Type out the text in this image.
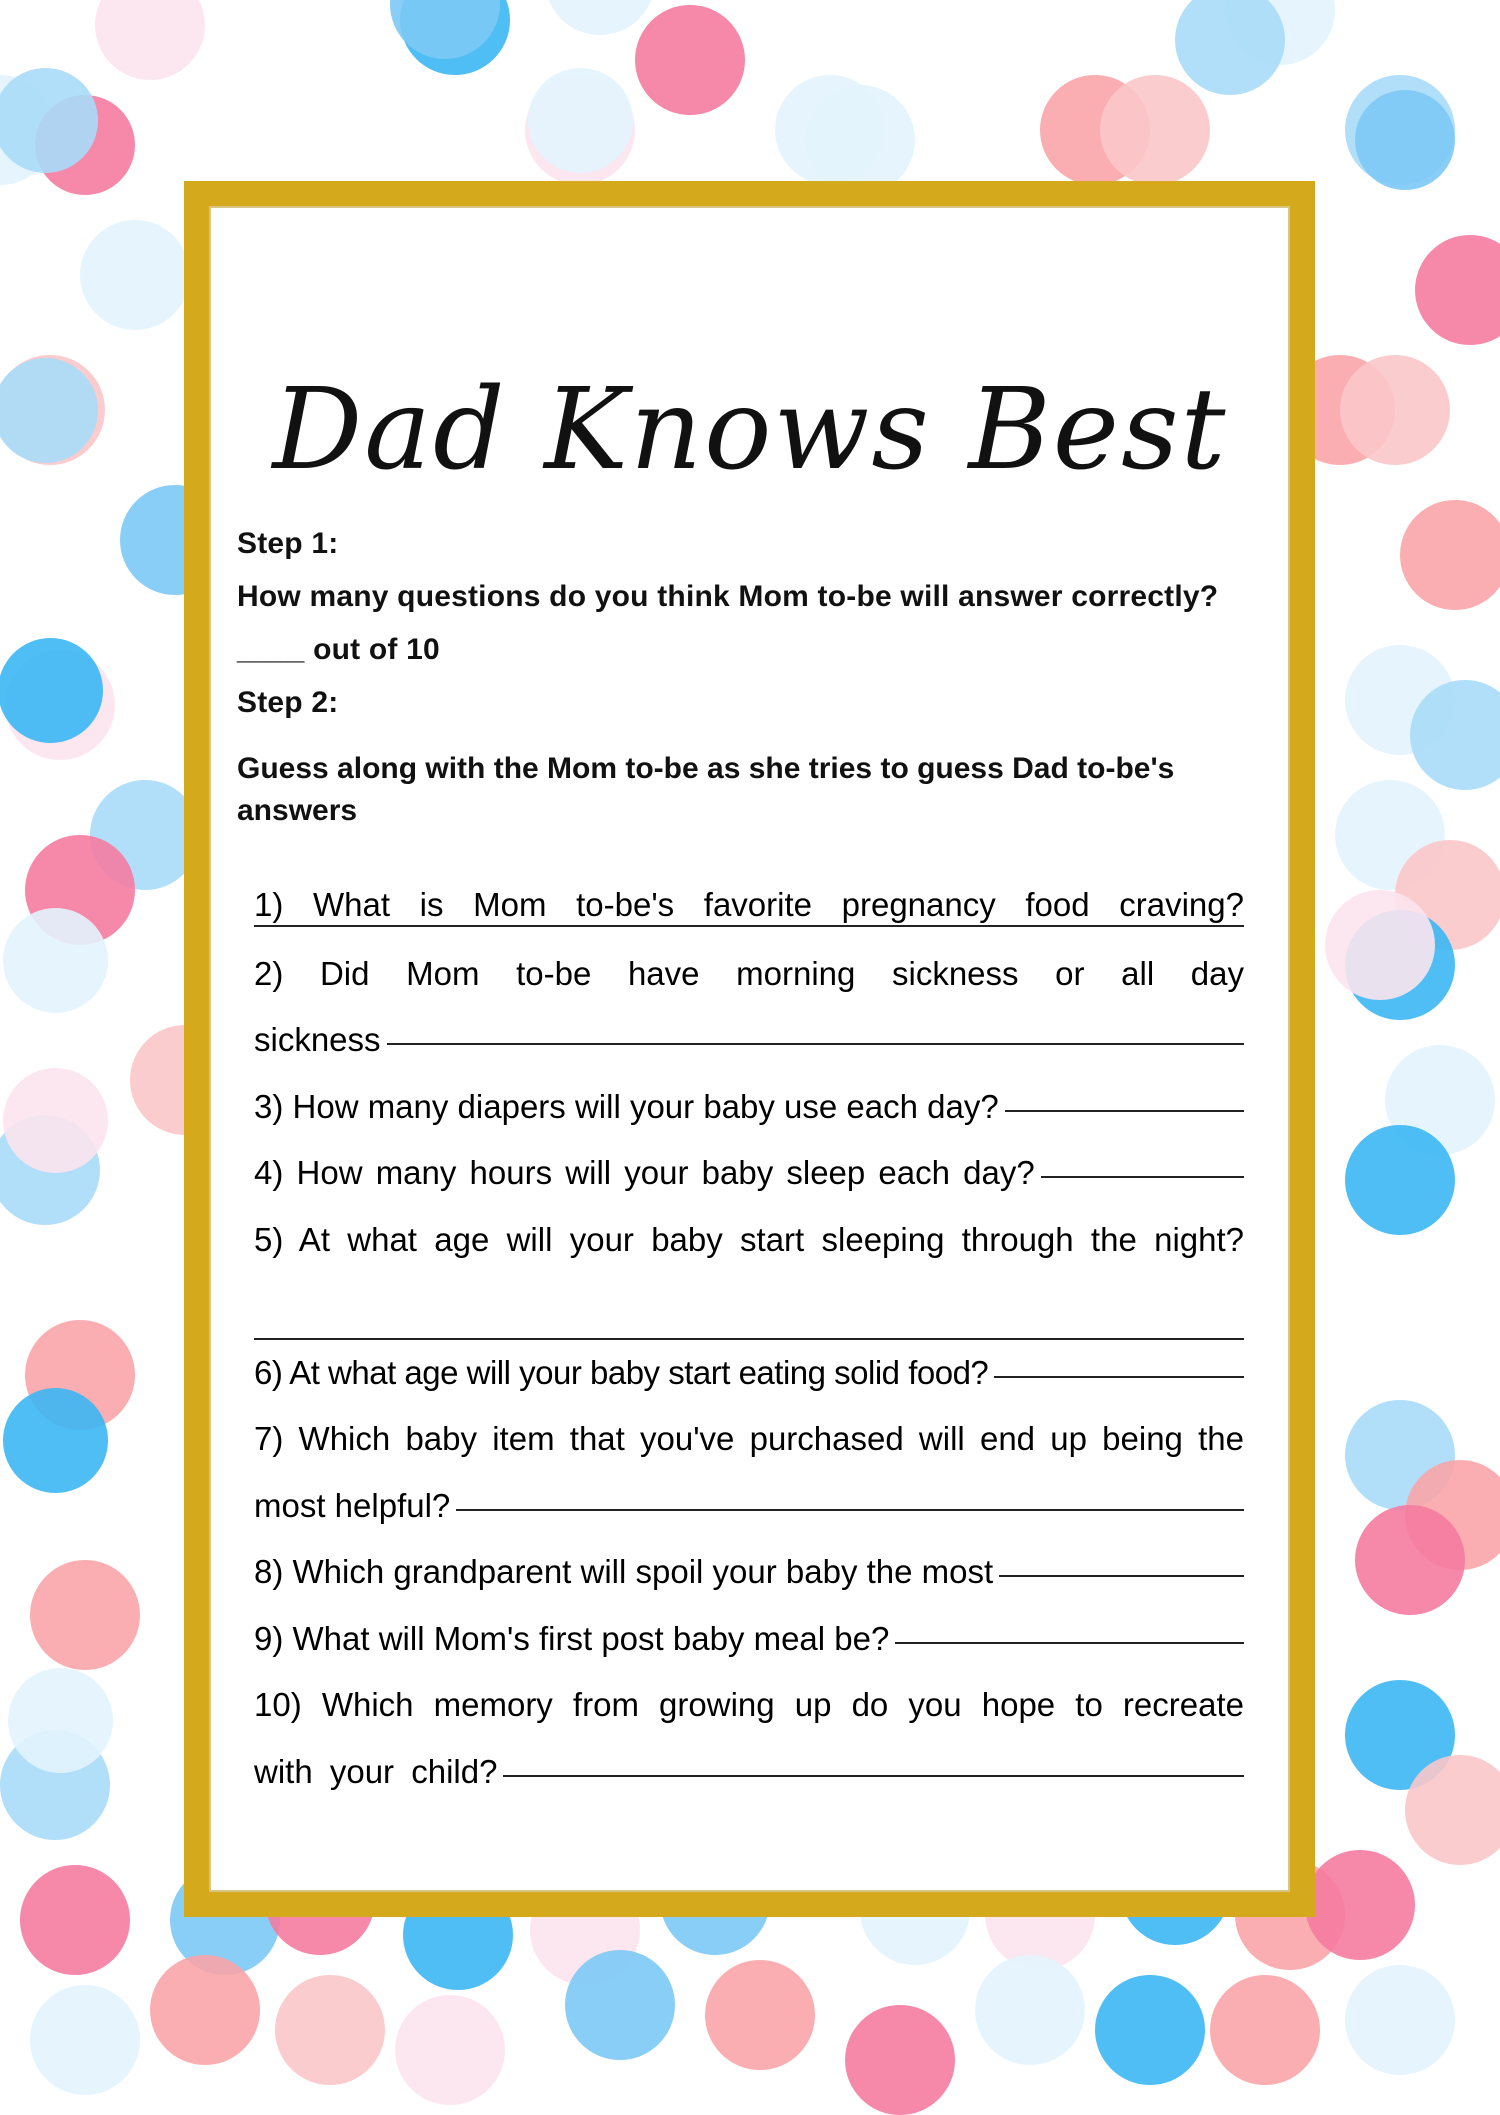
Dad Knows Best
Step 1:
How many questions do you think Mom to-be will answer correctly?
____ out of 10
Step 2:
Guess along with the Mom to-be as she tries to guess Dad to-be's answers
1) What is Mom to-be's favorite pregnancy food craving?
2) Did Mom to-be have morning sickness or all day
sickness
3) How many diapers will your baby use each day?
4) How many hours will your baby sleep each day?
5) At what age will your baby start sleeping through the night?
6) At what age will your baby start eating solid food?
7) Which baby item that you've purchased will end up being the
most helpful?
8) Which grandparent will spoil your baby the most
9) What will Mom's first post baby meal be?
10) Which memory from growing up do you hope to recreate
with your child?
